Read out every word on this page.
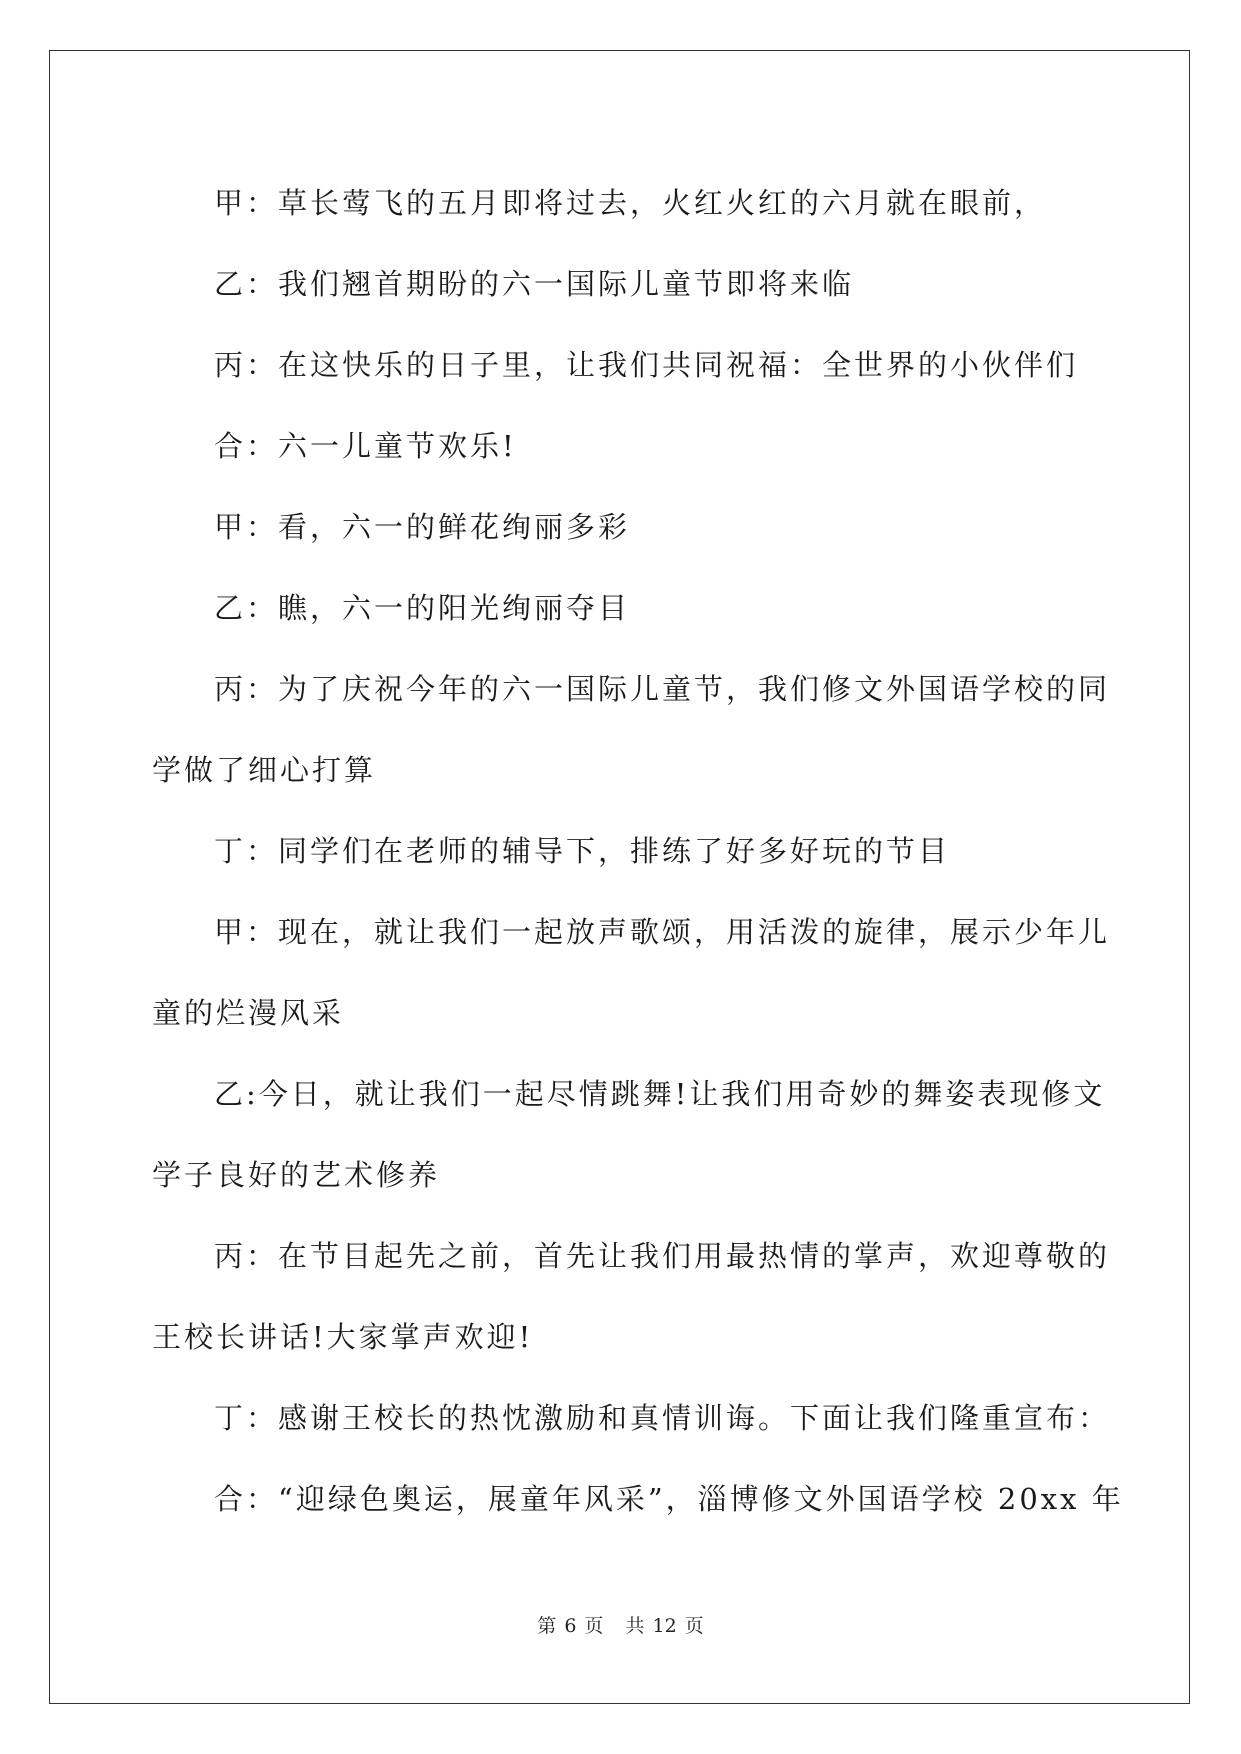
甲：草长莺飞的五月即将过去，火红火红的六月就在眼前，
乙：我们翘首期盼的六一国际儿童节即将来临
丙：在这快乐的日子里，让我们共同祝福：全世界的小伙伴们
合：六一儿童节欢乐!
甲：看，六一的鲜花绚丽多彩
乙：瞧，六一的阳光绚丽夺目
丙：为了庆祝今年的六一国际儿童节，我们修文外国语学校的同
学做了细心打算
丁：同学们在老师的辅导下，排练了好多好玩的节目
甲：现在，就让我们一起放声歌颂，用活泼的旋律，展示少年儿
童的烂漫风采
乙:今日，就让我们一起尽情跳舞!让我们用奇妙的舞姿表现修文
学子良好的艺术修养
丙：在节目起先之前，首先让我们用最热情的掌声，欢迎尊敬的
王校长讲话!大家掌声欢迎!
丁：感谢王校长的热忱激励和真情训诲。下面让我们隆重宣布：
合：“迎绿色奥运，展童年风采”，淄博修文外国语学校 20xx 年
第 6 页 共 12 页
